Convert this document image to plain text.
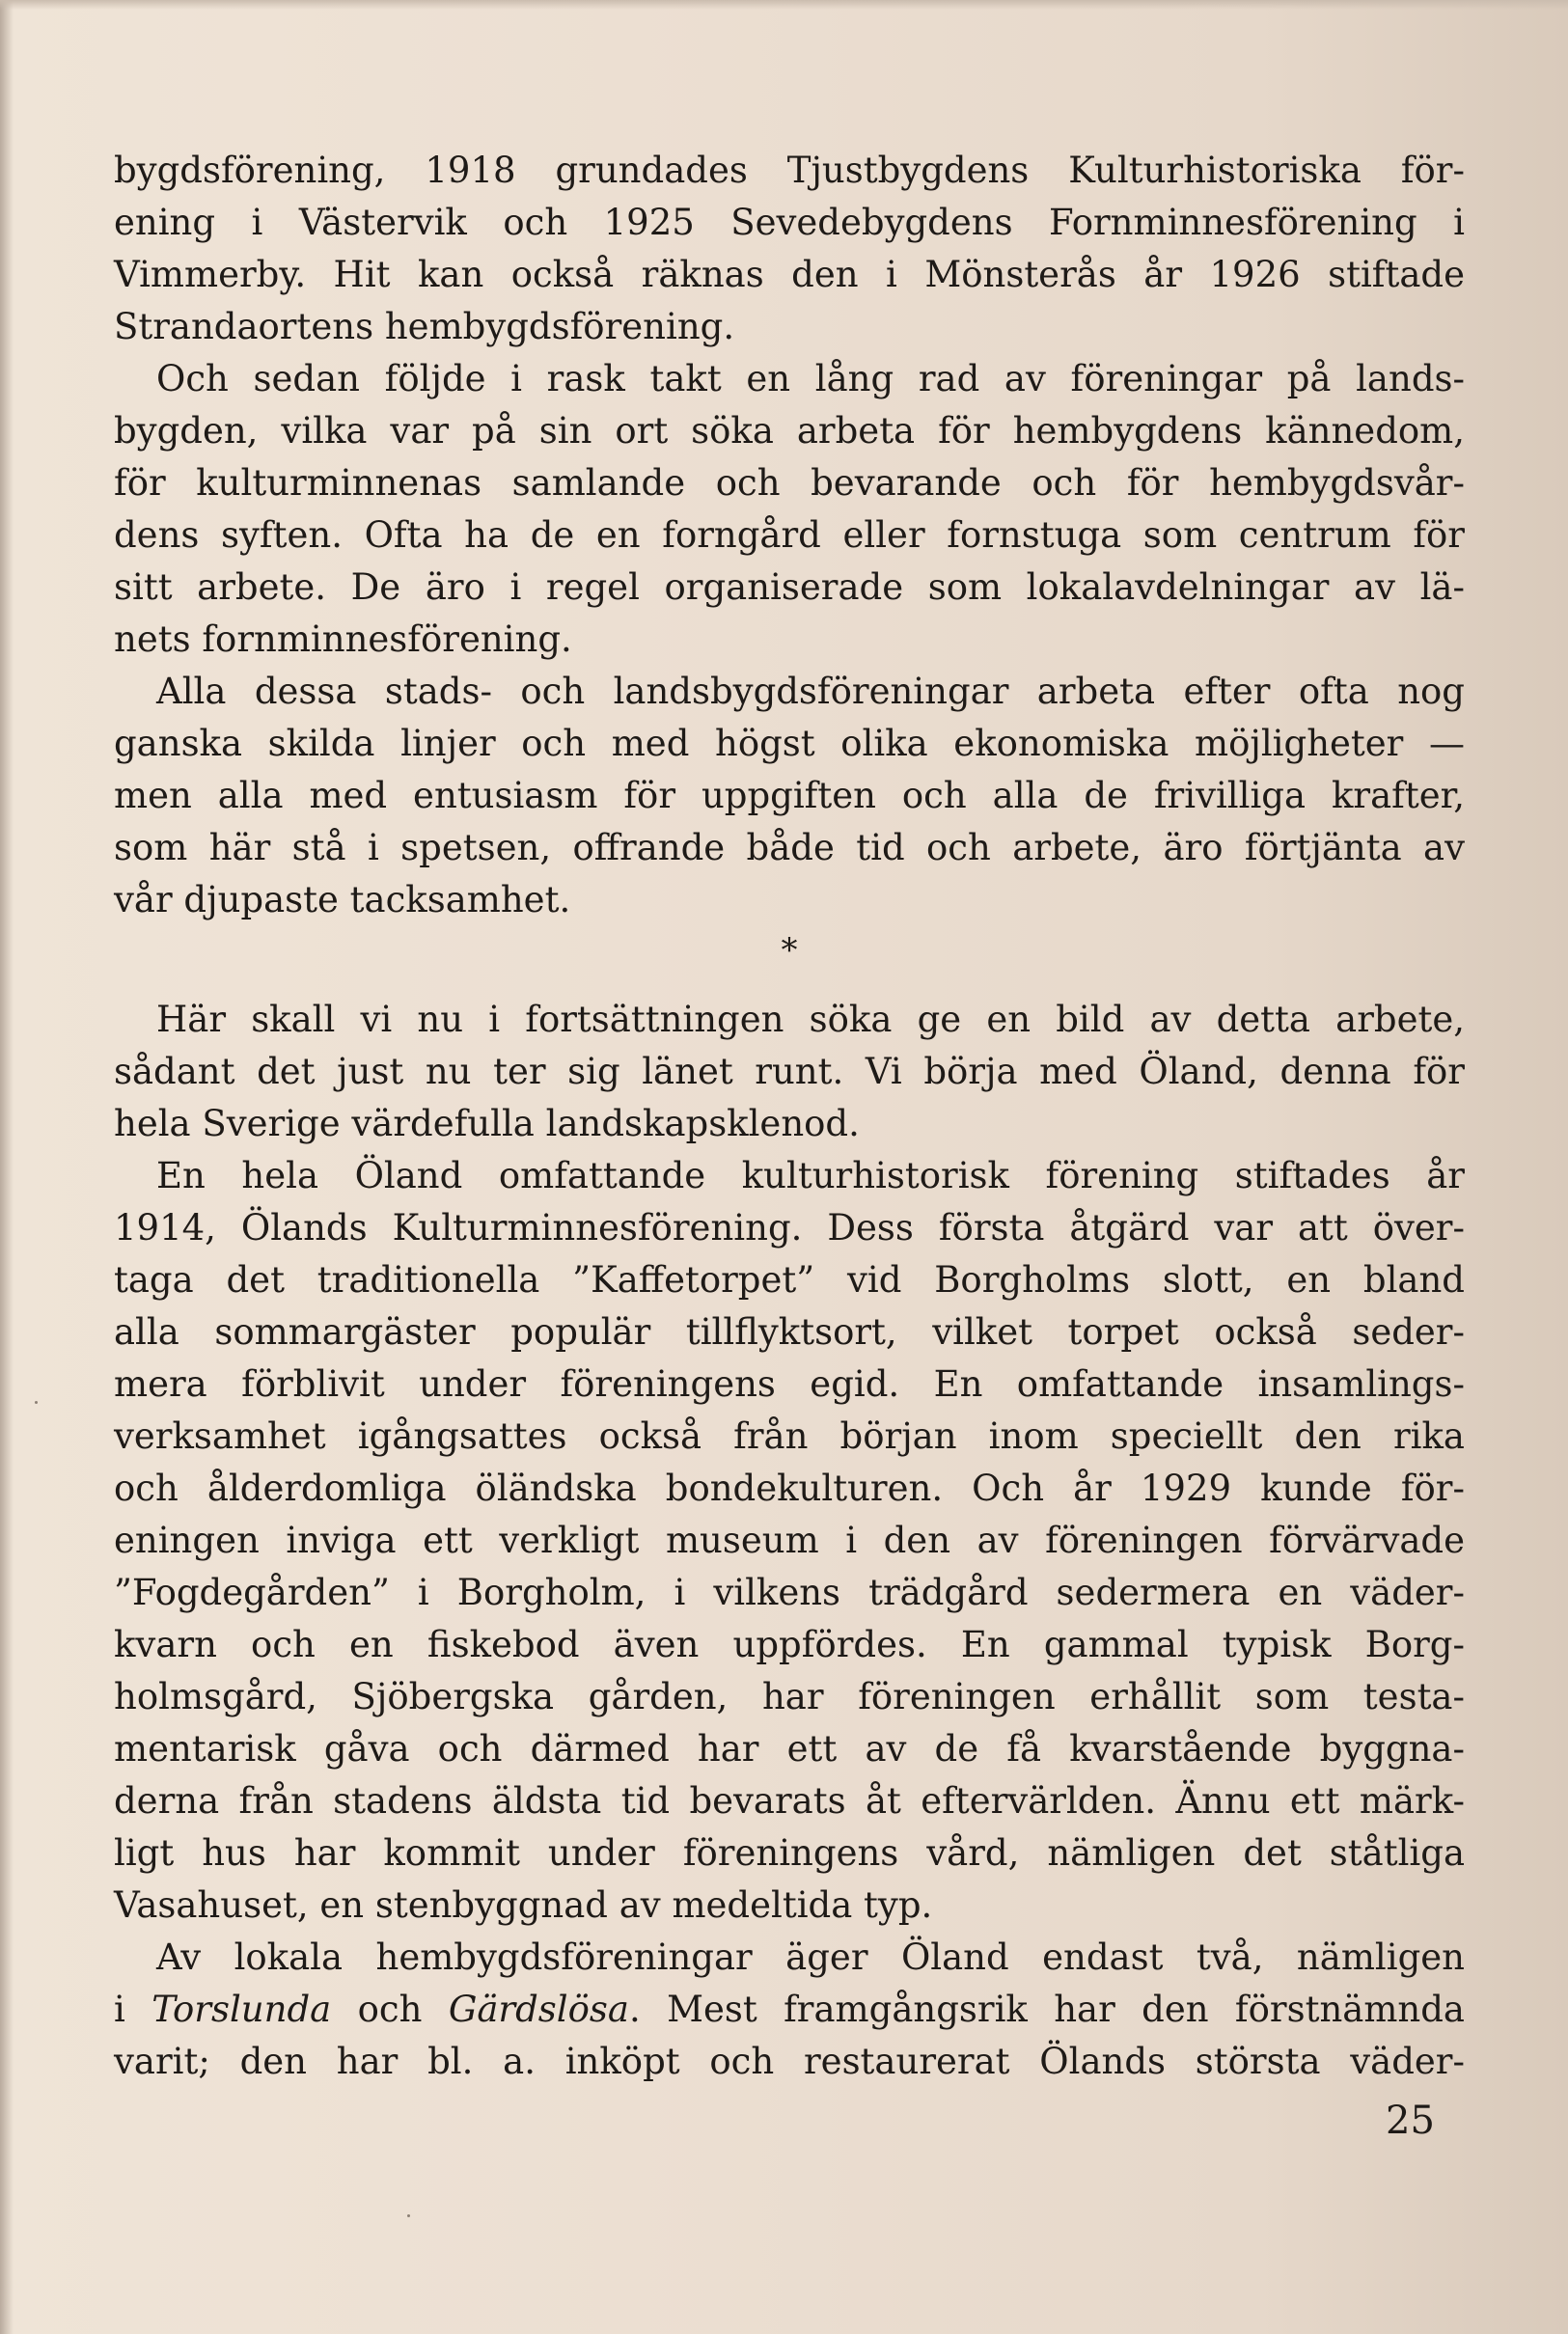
bygdsförening, 1918 grundades Tjustbygdens Kulturhistoriska för-
ening i Västervik och 1925 Sevedebygdens Fornminnesförening i
Vimmerby. Hit kan också räknas den i Mönsterås år 1926 stiftade
Strandaortens hembygdsförening.
Och sedan följde i rask takt en lång rad av föreningar på lands-
bygden, vilka var på sin ort söka arbeta för hembygdens kännedom,
för kulturminnenas samlande och bevarande och för hembygdsvår-
dens syften. Ofta ha de en forngård eller fornstuga som centrum för
sitt arbete. De äro i regel organiserade som lokalavdelningar av lä-
nets fornminnesförening.
Alla dessa stads- och landsbygdsföreningar arbeta efter ofta nog
ganska skilda linjer och med högst olika ekonomiska möjligheter —
men alla med entusiasm för uppgiften och alla de frivilliga krafter,
som här stå i spetsen, offrande både tid och arbete, äro förtjänta av
vår djupaste tacksamhet.
*
Här skall vi nu i fortsättningen söka ge en bild av detta arbete,
sådant det just nu ter sig länet runt. Vi börja med Öland, denna för
hela Sverige värdefulla landskapsklenod.
En hela Öland omfattande kulturhistorisk förening stiftades år
1914, Ölands Kulturminnesförening. Dess första åtgärd var att över-
taga det traditionella ”Kaffetorpet” vid Borgholms slott, en bland
alla sommargäster populär tillflyktsort, vilket torpet också seder-
mera förblivit under föreningens egid. En omfattande insamlings-
verksamhet igångsattes också från början inom speciellt den rika
och ålderdomliga öländska bondekulturen. Och år 1929 kunde för-
eningen inviga ett verkligt museum i den av föreningen förvärvade
”Fogdegården” i Borgholm, i vilkens trädgård sedermera en väder-
kvarn och en fiskebod även uppfördes. En gammal typisk Borg-
holmsgård, Sjöbergska gården, har föreningen erhållit som testa-
mentarisk gåva och därmed har ett av de få kvarstående byggna-
derna från stadens äldsta tid bevarats åt eftervärlden. Ännu ett märk-
ligt hus har kommit under föreningens vård, nämligen det ståtliga
Vasahuset, en stenbyggnad av medeltida typ.
Av lokala hembygdsföreningar äger Öland endast två, nämligen
i Torslunda och Gärdslösa. Mest framgångsrik har den förstnämnda
varit; den har bl. a. inköpt och restaurerat Ölands största väder-
25
